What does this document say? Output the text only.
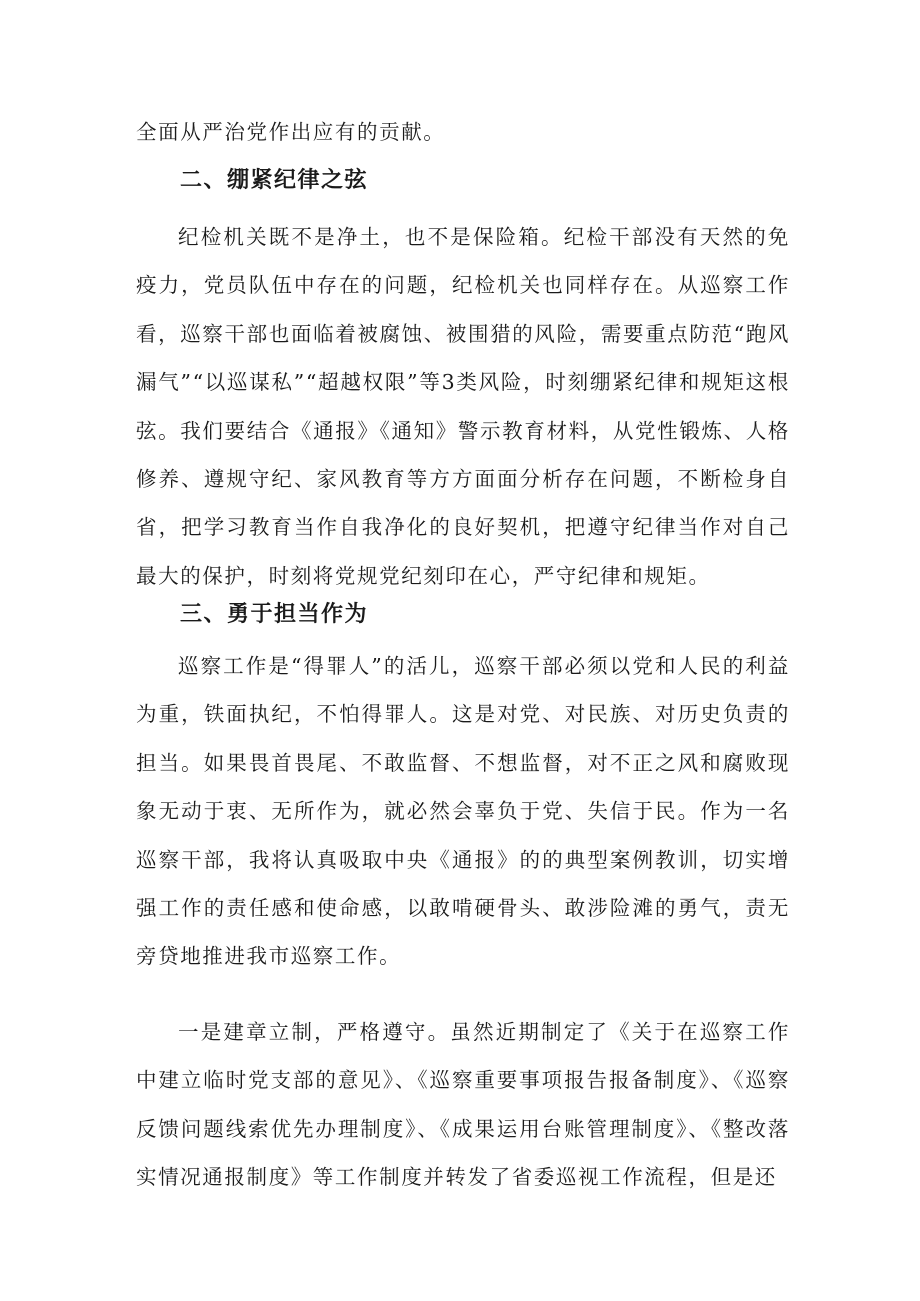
全面从严治党作出应有的贡献。

二、绷紧纪律之弦

纪检机关既不是净土，也不是保险箱。纪检干部没有天然的免疫力，党员队伍中存在的问题，纪检机关也同样存在。从巡察工作看，巡察干部也面临着被腐蚀、被围猎的风险，需要重点防范“跑风漏气”“以巡谋私”“超越权限”等3类风险，时刻绷紧纪律和规矩这根弦。我们要结合《通报》《通知》警示教育材料，从党性锻炼、人格修养、遵规守纪、家风教育等方方面面分析存在问题，不断检身自省，把学习教育当作自我净化的良好契机，把遵守纪律当作对自己最大的保护，时刻将党规党纪刻印在心，严守纪律和规矩。

三、勇于担当作为

巡察工作是“得罪人”的活儿，巡察干部必须以党和人民的利益为重，铁面执纪，不怕得罪人。这是对党、对民族、对历史负责的担当。如果畏首畏尾、不敢监督、不想监督，对不正之风和腐败现象无动于衷、无所作为，就必然会辜负于党、失信于民。作为一名巡察干部，我将认真吸取中央《通报》的的典型案例教训，切实增强工作的责任感和使命感，以敢啃硬骨头、敢涉险滩的勇气，责无旁贷地推进我市巡察工作。

一是建章立制，严格遵守。虽然近期制定了《关于在巡察工作中建立临时党支部的意见》、《巡察重要事项报告报备制度》、《巡察反馈问题线索优先办理制度》、《成果运用台账管理制度》、《整改落实情况通报制度》等工作制度并转发了省委巡视工作流程，但是还
